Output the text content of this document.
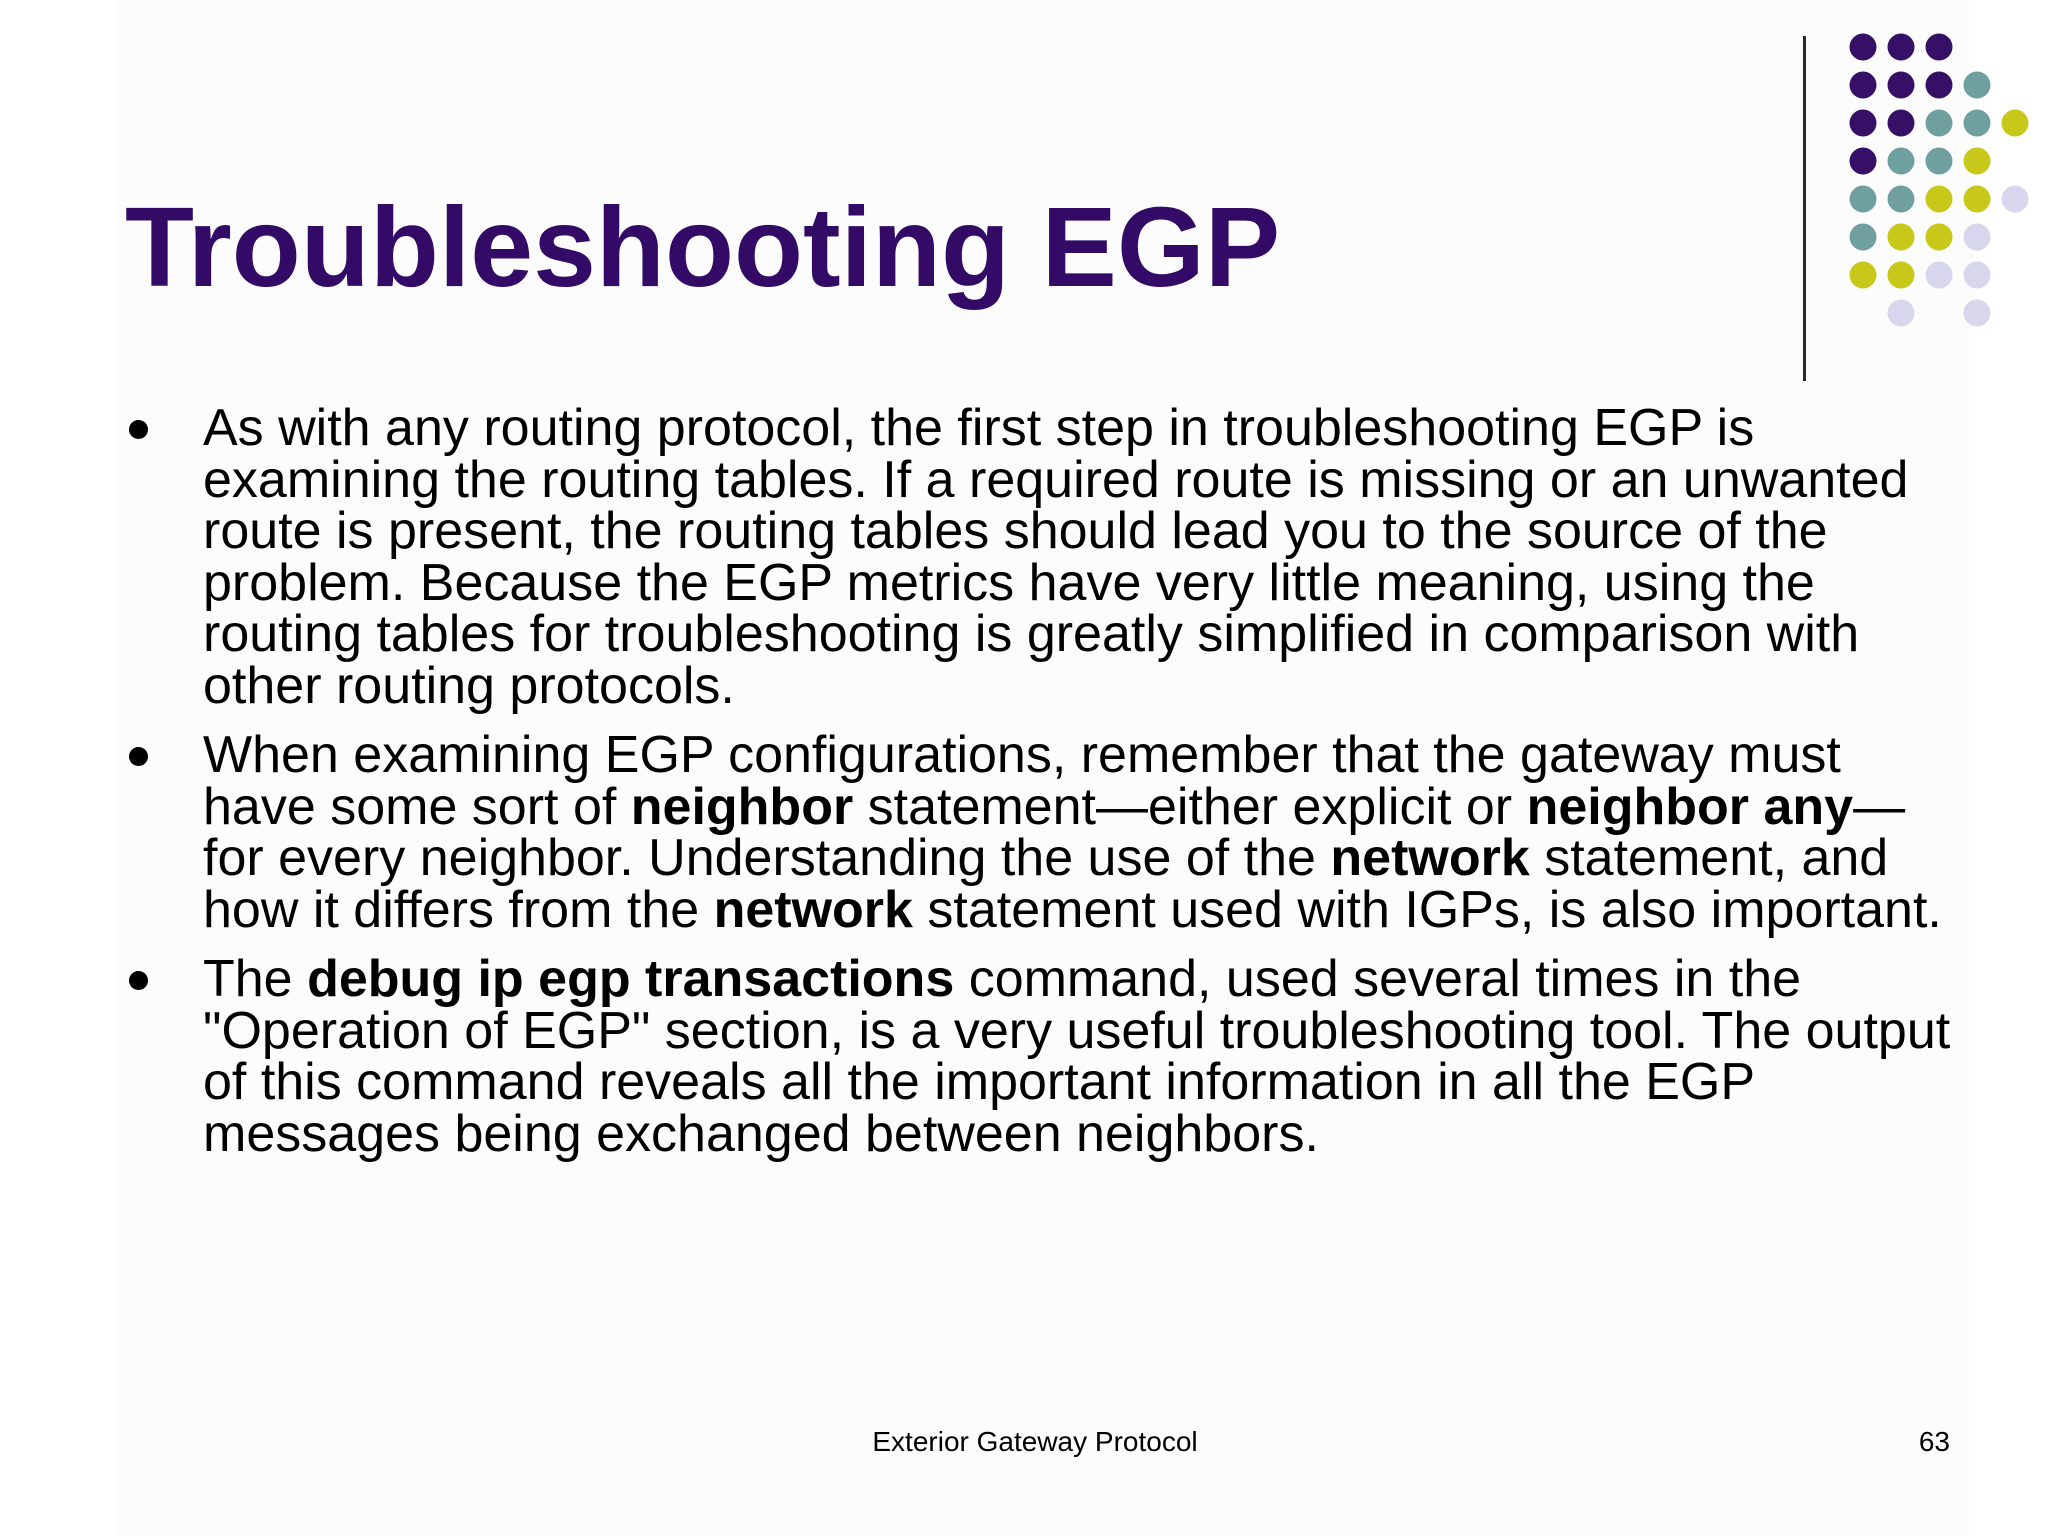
Troubleshooting EGP
As with any routing protocol, the first step in troubleshooting EGP is examining the routing tables. If a required route is missing or an unwanted route is present, the routing tables should lead you to the source of the problem. Because the EGP metrics have very little meaning, using the routing tables for troubleshooting is greatly simplified in comparison with other routing protocols.
When examining EGP configurations, remember that the gateway must have some sort of neighbor statement—either explicit or neighbor any—for every neighbor. Understanding the use of the network statement, and how it differs from the network statement used with IGPs, is also important.
The debug ip egp transactions command, used several times in the "Operation of EGP" section, is a very useful troubleshooting tool. The output of this command reveals all the important information in all the EGP messages being exchanged between neighbors.
Exterior Gateway Protocol	63
